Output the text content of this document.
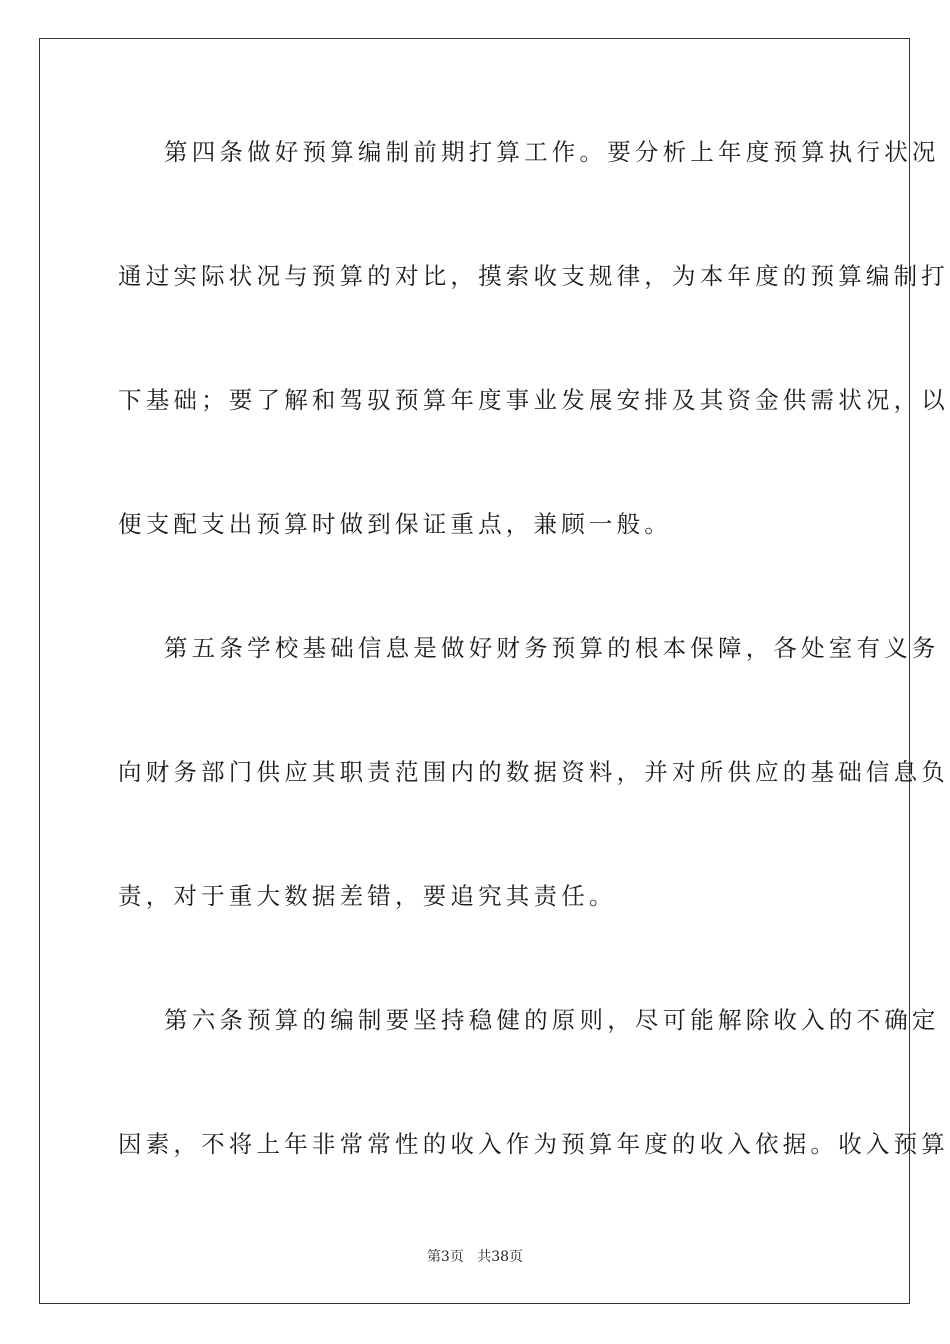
第四条做好预算编制前期打算工作。要分析上年度预算执行状况
通过实际状况与预算的对比，摸索收支规律，为本年度的预算编制打
下基础；要了解和驾驭预算年度事业发展安排及其资金供需状况，以
便支配支出预算时做到保证重点，兼顾一般。
第五条学校基础信息是做好财务预算的根本保障，各处室有义务
向财务部门供应其职责范围内的数据资料，并对所供应的基础信息负
责，对于重大数据差错，要追究其责任。
第六条预算的编制要坚持稳健的原则，尽可能解除收入的不确定
因素，不将上年非常常性的收入作为预算年度的收入依据。收入预算
第3页 共38页
